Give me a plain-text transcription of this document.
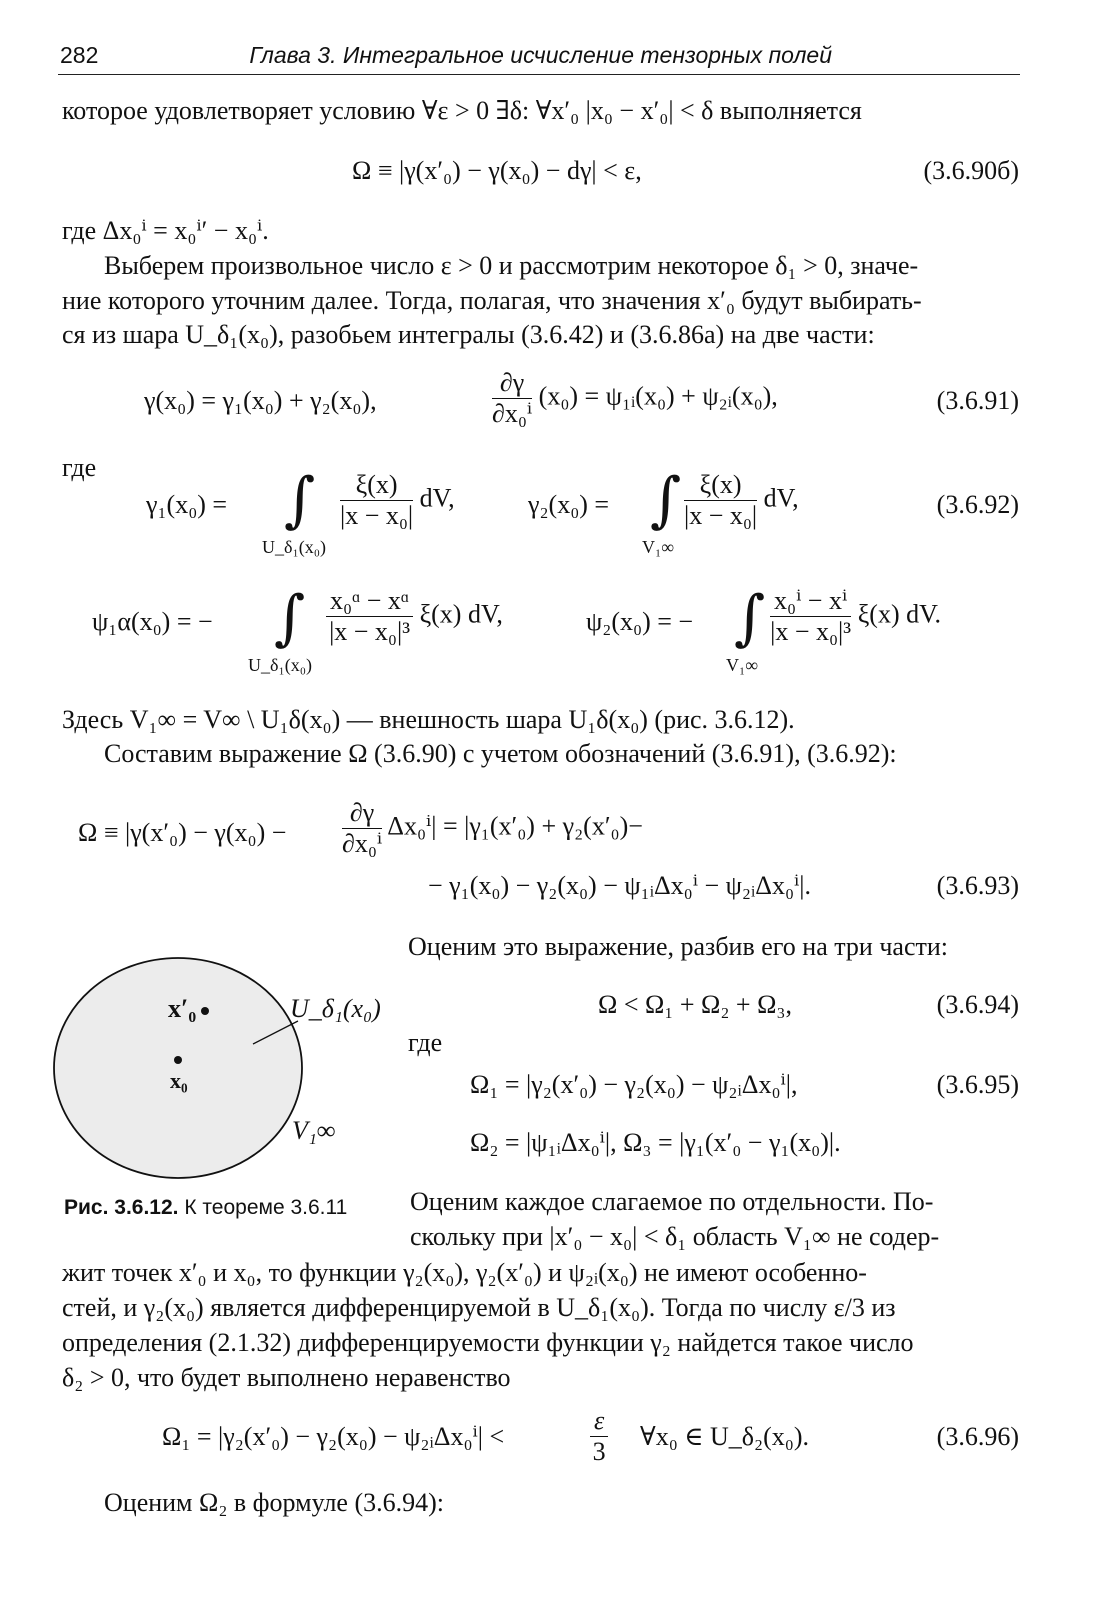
282	Глава 3. Интегральное исчисление тензорных полей
которое удовлетворяет условию ∀ε > 0 ∃δ: ∀x′₀ |x₀ − x′₀| < δ выполняется
Ω ≡ |γ(x′₀) − γ(x₀) − dγ| < ε,	(3.6.90б)
где Δx₀ⁱ = x₀ⁱ′ − x₀ⁱ.
Выберем произвольное число ε > 0 и рассмотрим некоторое δ₁ > 0, значе-
ние которого уточним далее. Тогда, полагая, что значения x′₀ будут выбирать-
ся из шара U_δ₁(x₀), разобьем интегралы (3.6.42) и (3.6.86а) на две части:
γ(x₀) = γ₁(x₀) + γ₂(x₀),	$\frac{\partial\gamma}{\text{∂x₀ⁱ}} (x_0)$ = ψ₁ᵢ(x₀) + ψ₂ᵢ(x₀),	(3.6.91)
где
γ₁(x₀) = ∫
U_δ₁(x₀)
$\frac{\xi(x)}{\text{|x − x₀|}}$ dV,	γ₂(x₀) = ∫
V₁∞
$\frac{\xi(x)}{\text{|x − x₀|}}$ dV,	(3.6.92)
ψ₁α(x₀) = − ∫
U_δ₁(x₀)
$\frac{\text{x₀ᵅ − xᵅ}}{\text{|x − x₀|³}} \xi(x)$ dV,	ψ₂(x₀) = − ∫
V₁∞
$\frac{\text{x₀ⁱ − xⁱ}}{\text{|x − x₀|³}} \xi(x)$ dV.
Здесь V₁∞ = V∞ \ U₁δ(x₀) — внешность шара U₁δ(x₀) (рис. 3.6.12).
Составим выражение Ω (3.6.90) с учетом обозначений (3.6.91), (3.6.92):
$\Omega \equiv |\gamma(x'_0) - \gamma(x_0) - \frac{\partial\gamma}{\text{∂x₀ⁱ}} \Delta x_0^i| = |\gamma_1(x'_0) + \gamma_2(x'_0)-$
− γ₁(x₀) − γ₂(x₀) − ψ₁ᵢΔx₀ⁱ − ψ₂ᵢΔx₀ⁱ|.	(3.6.93)
x′₀
x₀
U_δ₁(x₀)
V₁∞
Рис. 3.6.12. К теореме 3.6.11
Оценим это выражение, разбив его на три части:
Ω < Ω₁ + Ω₂ + Ω₃,	(3.6.94)
где
Ω₁ = |γ₂(x′₀) − γ₂(x₀) − ψ₂ᵢΔx₀ⁱ|,	(3.6.95)
Ω₂ = |ψ₁ᵢΔx₀ⁱ|, Ω₃ = |γ₁(x′₀ − γ₁(x₀)|.
Оценим каждое слагаемое по отдельности. По-
скольку при |x′₀ − x₀| < δ₁ область V₁∞ не содер-
жит точек x′₀ и x₀, то функции γ₂(x₀), γ₂(x′₀) и ψ₂ᵢ(x₀) не имеют особенно-
стей, и γ₂(x₀) является дифференцируемой в U_δ₁(x₀). Тогда по числу ε/3 из
определения (2.1.32) дифференцируемости функции γ₂ найдется такое число
δ₂ > 0, что будет выполнено неравенство
Ω₁ = |γ₂(x′₀) − γ₂(x₀) − ψ₂ᵢΔx₀ⁱ| <	$\frac{\varepsilon}{3}$ ∀x₀ ∈ U_δ₂(x₀).	(3.6.96)
Оценим Ω₂ в формуле (3.6.94):
